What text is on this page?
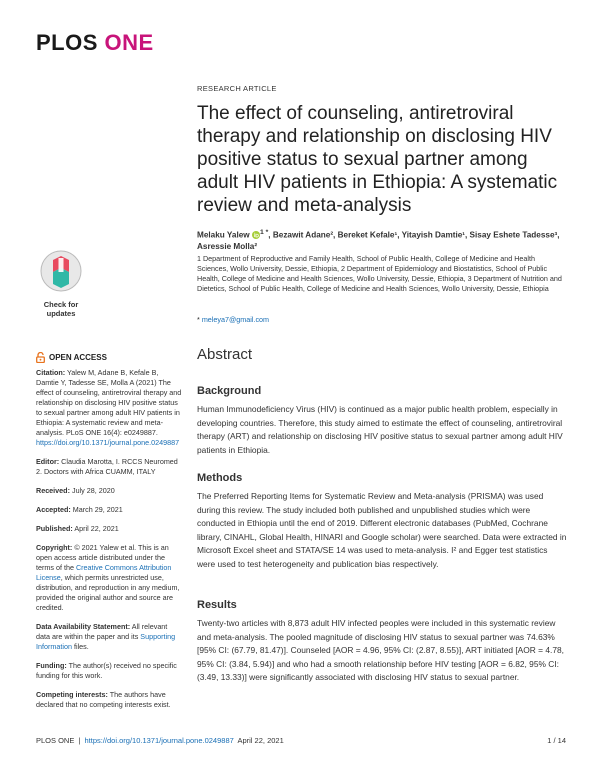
PLOS ONE
Check for
updates
OPEN ACCESS
Citation: Yalew M, Adane B, Kefale B, Damtie Y, Tadesse SE, Molla A (2021) The effect of counseling, antiretroviral therapy and relationship on disclosing HIV positive status to sexual partner among adult HIV patients in Ethiopia: A systematic review and meta-analysis. PLoS ONE 16(4): e0249887. https://doi.org/10.1371/journal.pone.0249887
Editor: Claudia Marotta, I. RCCS Neuromed 2. Doctors with Africa CUAMM, ITALY
Received: July 28, 2020
Accepted: March 29, 2021
Published: April 22, 2021
Copyright: © 2021 Yalew et al. This is an open access article distributed under the terms of the Creative Commons Attribution License, which permits unrestricted use, distribution, and reproduction in any medium, provided the original author and source are credited.
Data Availability Statement: All relevant data are within the paper and its Supporting Information files.
Funding: The author(s) received no specific funding for this work.
Competing interests: The authors have declared that no competing interests exist.
RESEARCH ARTICLE
The effect of counseling, antiretroviral therapy and relationship on disclosing HIV positive status to sexual partner among adult HIV patients in Ethiopia: A systematic review and meta-analysis
Melaku Yalew $^{1 *}$, Bezawit Adane², Bereket Kefale¹, Yitayish Damtie¹, Sisay Eshete Tadesse³, Asressie Molla²
1 Department of Reproductive and Family Health, School of Public Health, College of Medicine and Health Sciences, Wollo University, Dessie, Ethiopia, 2 Department of Epidemiology and Biostatistics, School of Public Health, College of Medicine and Health Sciences, Wollo University, Dessie, Ethiopia, 3 Department of Nutrition and Dietetics, School of Public Health, College of Medicine and Health Sciences, Wollo University, Dessie, Ethiopia
* meleya7@gmail.com
Abstract
Background

Human Immunodeficiency Virus (HIV) is continued as a major public health problem, especially in developing countries. Therefore, this study aimed to estimate the effect of counseling, antiretroviral therapy (ART) and relationship on disclosing HIV positive status to sexual partner among adult HIV patients in Ethiopia.

Methods

The Preferred Reporting Items for Systematic Review and Meta-analysis (PRISMA) was used during this review. The study included both published and unpublished studies which were conducted in Ethiopia until the end of 2019. Different electronic databases (PubMed, Cochrane library, CINAHL, Global Health, HINARI and Google scholar) were searched. Data were extracted in Microsoft Excel sheet and STATA/SE 14 was used to meta-analysis. I² and Egger test statistics were used to test heterogeneity and publication bias respectively.

Results

Twenty-two articles with 8,873 adult HIV infected peoples were included in this systematic review and meta-analysis. The pooled magnitude of disclosing HIV status to sexual partner was 74.63% [95% CI: (67.79, 81.47)]. Counseled [AOR = 4.96, 95% CI: (2.87, 8.55)], ART initiated [AOR = 4.78, 95% CI: (3.84, 5.94)] and who had a smooth relationship before HIV testing [AOR = 6.82, 95% CI: (3.49, 13.33)] were significantly associated with disclosing HIV status to sexual partner.

PLOS ONE | https://doi.org/10.1371/journal.pone.0249887 April 22, 2021	1 / 14
